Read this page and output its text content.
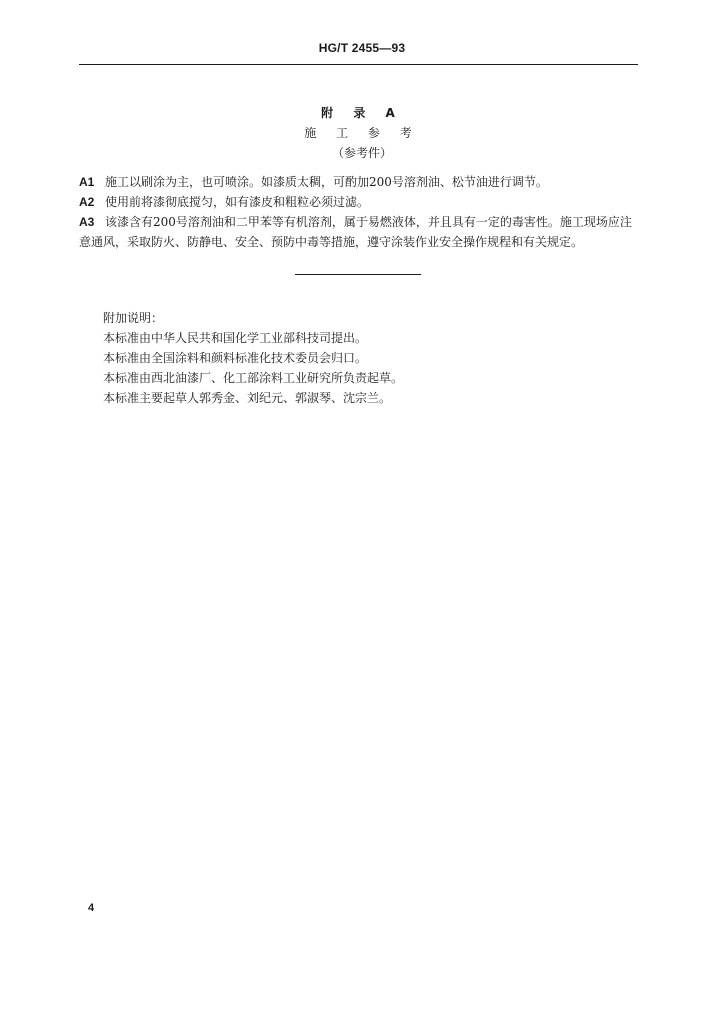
HG/T 2455—93
附 录 A
施 工 参 考
（参考件）

A1 施工以刷涂为主，也可喷涂。如漆质太稠，可酌加200号溶剂油、松节油进行调节。

A2 使用前将漆彻底搅匀，如有漆皮和粗粒必须过滤。

A3 该漆含有200号溶剂油和二甲苯等有机溶剂，属于易燃液体，并且具有一定的毒害性。施工现场应注意通风，采取防火、防静电、安全、预防中毒等措施，遵守涂装作业安全操作规程和有关规定。

附加说明：

本标准由中华人民共和国化学工业部科技司提出。

本标准由全国涂料和颜料标准化技术委员会归口。

本标准由西北油漆厂、化工部涂料工业研究所负责起草。

本标准主要起草人郭秀金、刘纪元、郭淑琴、沈宗兰。

4
